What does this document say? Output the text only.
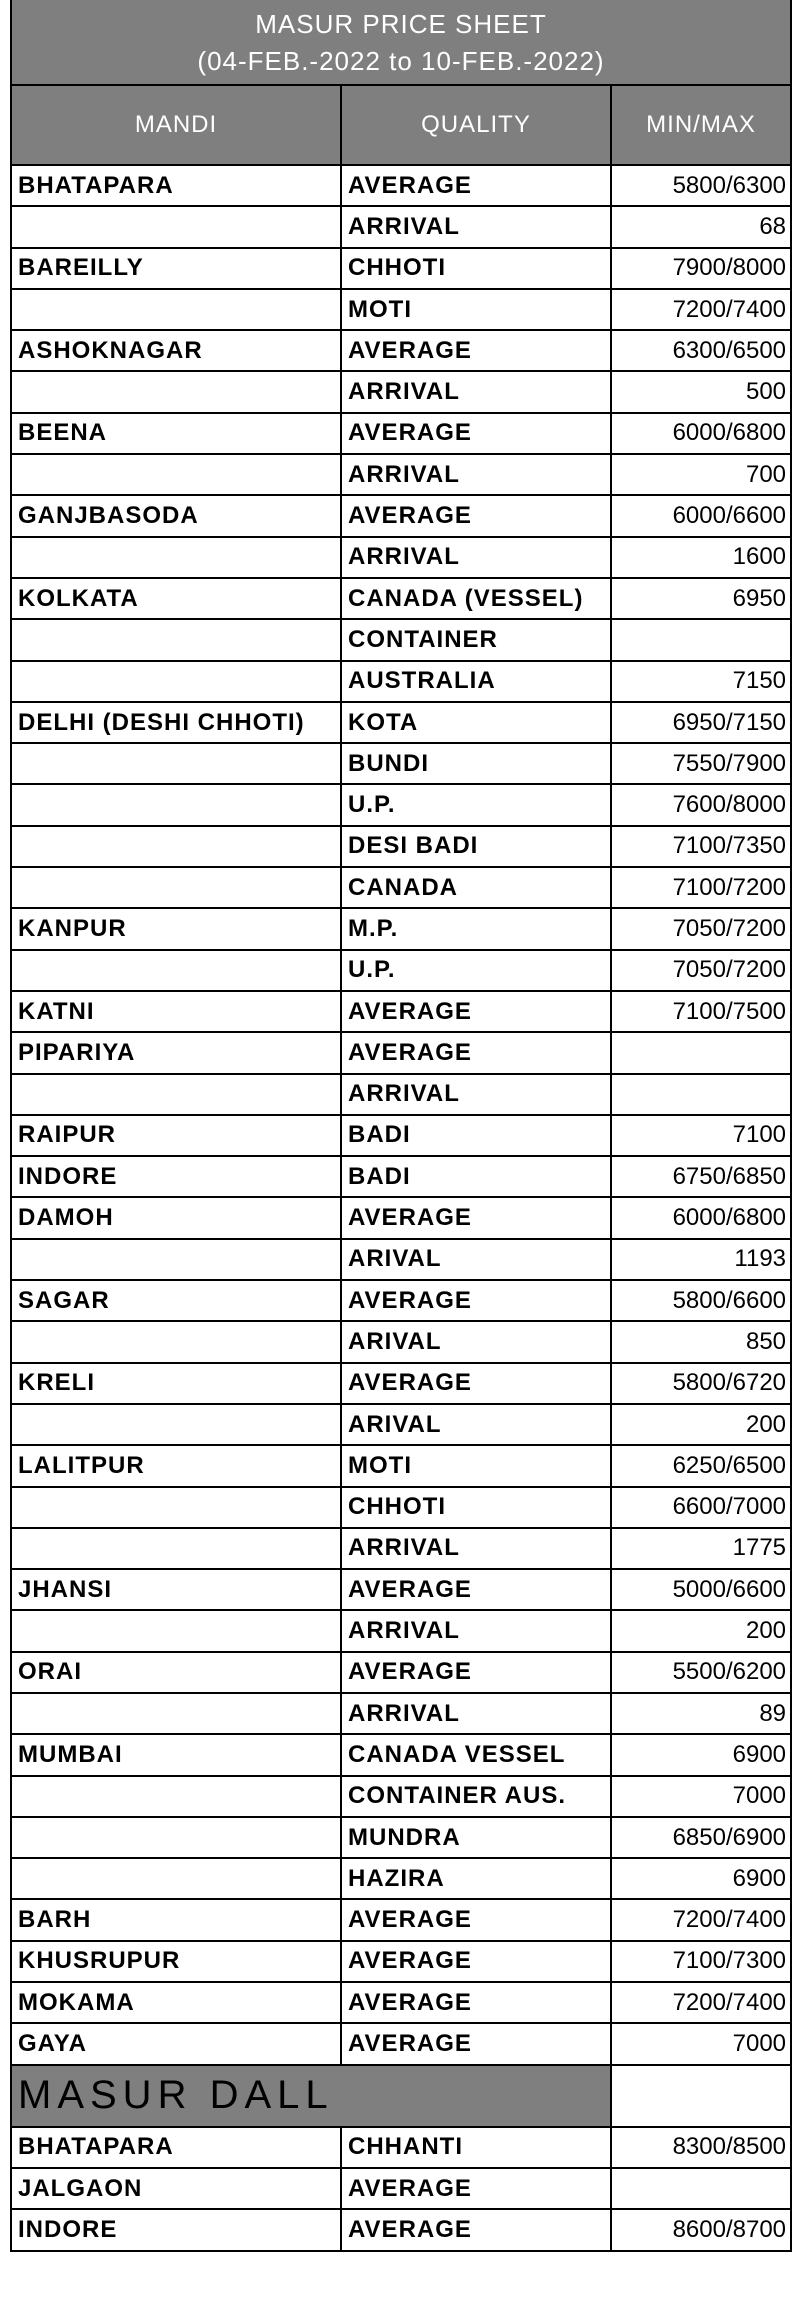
MASUR PRICE SHEET		
(04-FEB.-2022 to 10-FEB.-2022)		
MANDI	QUALITY	MIN/MAX
BHATAPARA	AVERAGE	5800/6300
	ARRIVAL	68
BAREILLY	CHHOTI	7900/8000
	MOTI	7200/7400
ASHOKNAGAR	AVERAGE	6300/6500
	ARRIVAL	500
BEENA	AVERAGE	6000/6800
	ARRIVAL	700
GANJBASODA	AVERAGE	6000/6600
	ARRIVAL	1600
KOLKATA	CANADA (VESSEL)	6950
	CONTAINER	
	AUSTRALIA	7150
DELHI (DESHI CHHOTI)	KOTA	6950/7150
	BUNDI	7550/7900
	U.P.	7600/8000
	DESI BADI	7100/7350
	CANADA	7100/7200
KANPUR	M.P.	7050/7200
	U.P.	7050/7200
KATNI	AVERAGE	7100/7500
PIPARIYA	AVERAGE	
	ARRIVAL	
RAIPUR	BADI	7100
INDORE	BADI	6750/6850
DAMOH	AVERAGE	6000/6800
	ARIVAL	1193
SAGAR	AVERAGE	5800/6600
	ARIVAL	850
KRELI	AVERAGE	5800/6720
	ARIVAL	200
LALITPUR	MOTI	6250/6500
	CHHOTI	6600/7000
	ARRIVAL	1775
JHANSI	AVERAGE	5000/6600
	ARRIVAL	200
ORAI	AVERAGE	5500/6200
	ARRIVAL	89
MUMBAI	CANADA VESSEL	6900
	CONTAINER AUS.	7000
	MUNDRA	6850/6900
	HAZIRA	6900
BARH	AVERAGE	7200/7400
KHUSRUPUR	AVERAGE	7100/7300
MOKAMA	AVERAGE	7200/7400
GAYA	AVERAGE	7000
MASUR DALL		
BHATAPARA	CHHANTI	8300/8500
JALGAON	AVERAGE	
INDORE	AVERAGE	8600/8700
